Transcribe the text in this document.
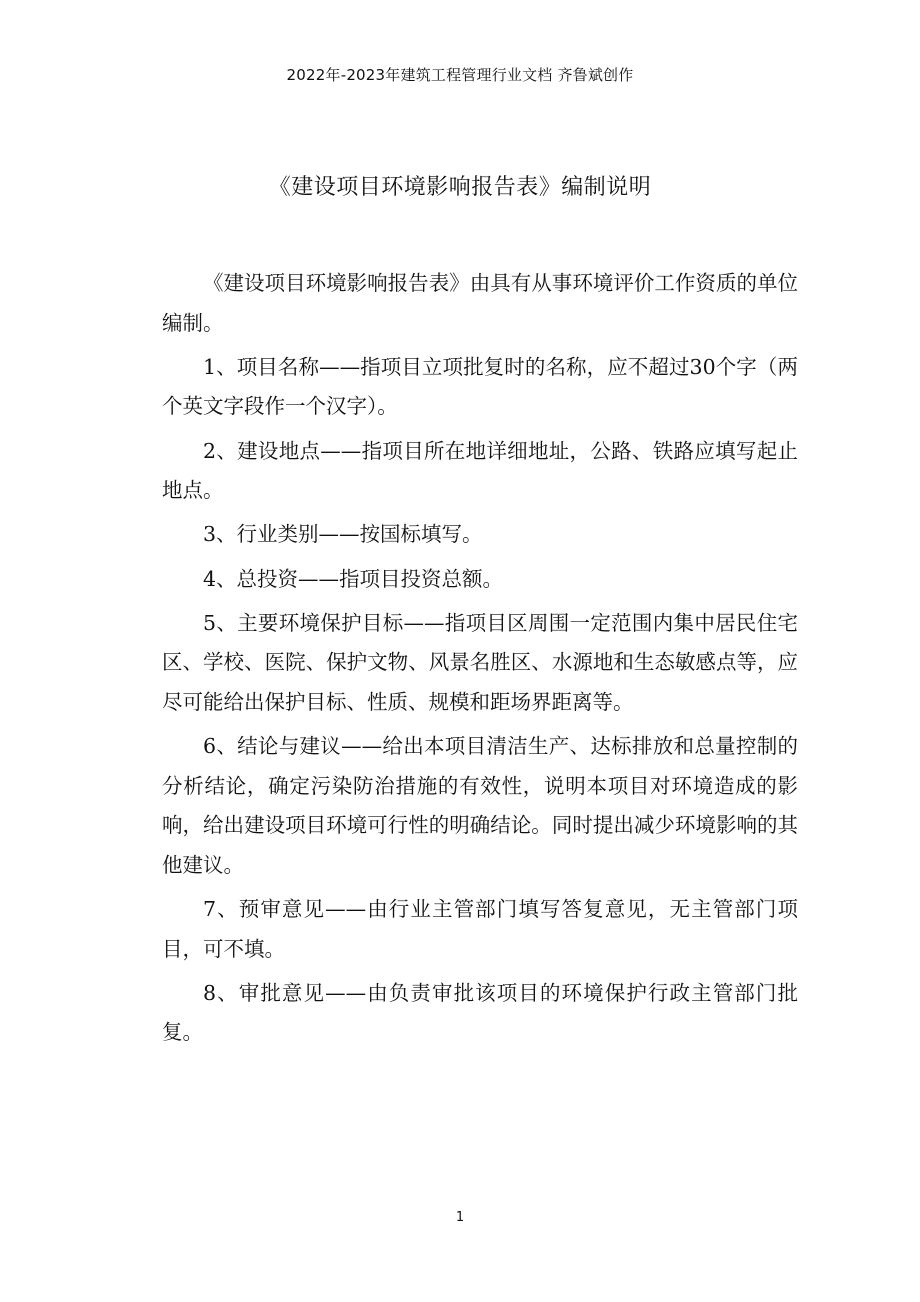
2022年-2023年建筑工程管理行业文档 齐鲁斌创作
《建设项目环境影响报告表》编制说明

《建设项目环境影响报告表》由具有从事环境评价工作资质的单位编制。

1、项目名称——指项目立项批复时的名称，应不超过30个字（两个英文字段作一个汉字）。

2、建设地点——指项目所在地详细地址，公路、铁路应填写起止地点。

3、行业类别——按国标填写。

4、总投资——指项目投资总额。

5、主要环境保护目标——指项目区周围一定范围内集中居民住宅区、学校、医院、保护文物、风景名胜区、水源地和生态敏感点等，应尽可能给出保护目标、性质、规模和距场界距离等。

6、结论与建议——给出本项目清洁生产、达标排放和总量控制的分析结论，确定污染防治措施的有效性，说明本项目对环境造成的影响，给出建设项目环境可行性的明确结论。同时提出减少环境影响的其他建议。

7、预审意见——由行业主管部门填写答复意见，无主管部门项目，可不填。

8、审批意见——由负责审批该项目的环境保护行政主管部门批复。

1
